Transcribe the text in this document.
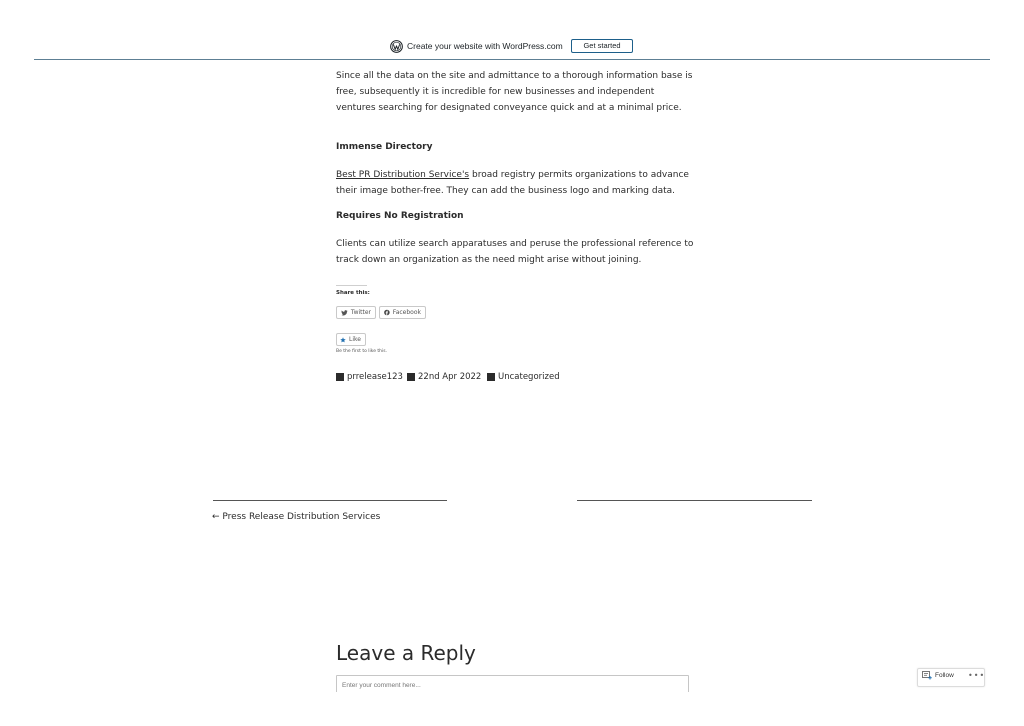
Create your website with WordPress.com	Get started

Since all the data on the site and admittance to a thorough information base is free, subsequently it is incredible for new businesses and independent ventures searching for designated conveyance quick and at a minimal price.

Immense Directory

Best PR Distribution Service's broad registry permits organizations to advance their image bother-free. They can add the business logo and marking data.

Requires No Registration

Clients can utilize search apparatuses and peruse the professional reference to track down an organization as the need might arise without joining.

Share this:
Twitter	Facebook
Like
Be the first to like this.
prrelease123 22nd Apr 2022 Uncategorized
← Press Release Distribution Services
Leave a Reply
Enter your comment here...
Follow •••
